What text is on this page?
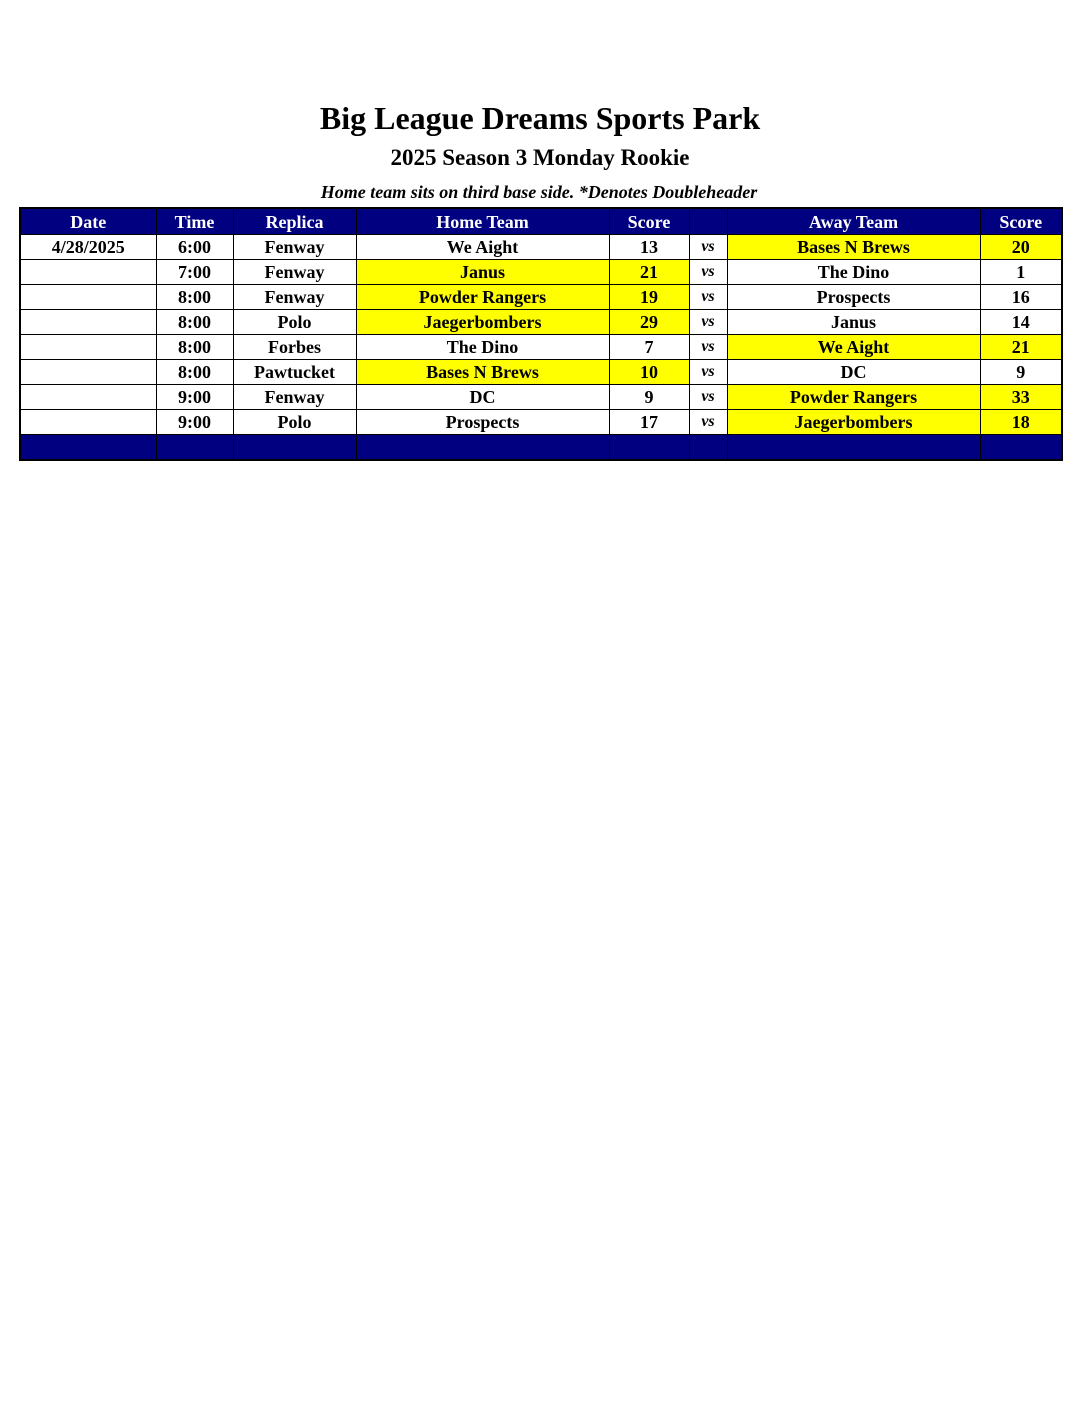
Big League Dreams Sports Park
2025 Season 3 Monday Rookie
Home team sits on third base side. *Denotes Doubleheader
Date	Time	Replica	Home Team	Score		Away Team	Score
4/28/2025	6:00	Fenway	We Aight	13	vs	Bases N Brews	20
	7:00	Fenway	Janus	21	vs	The Dino	1
	8:00	Fenway	Powder Rangers	19	vs	Prospects	16
	8:00	Polo	Jaegerbombers	29	vs	Janus	14
	8:00	Forbes	The Dino	7	vs	We Aight	21
	8:00	Pawtucket	Bases N Brews	10	vs	DC	9
	9:00	Fenway	DC	9	vs	Powder Rangers	33
	9:00	Polo	Prospects	17	vs	Jaegerbombers	18
